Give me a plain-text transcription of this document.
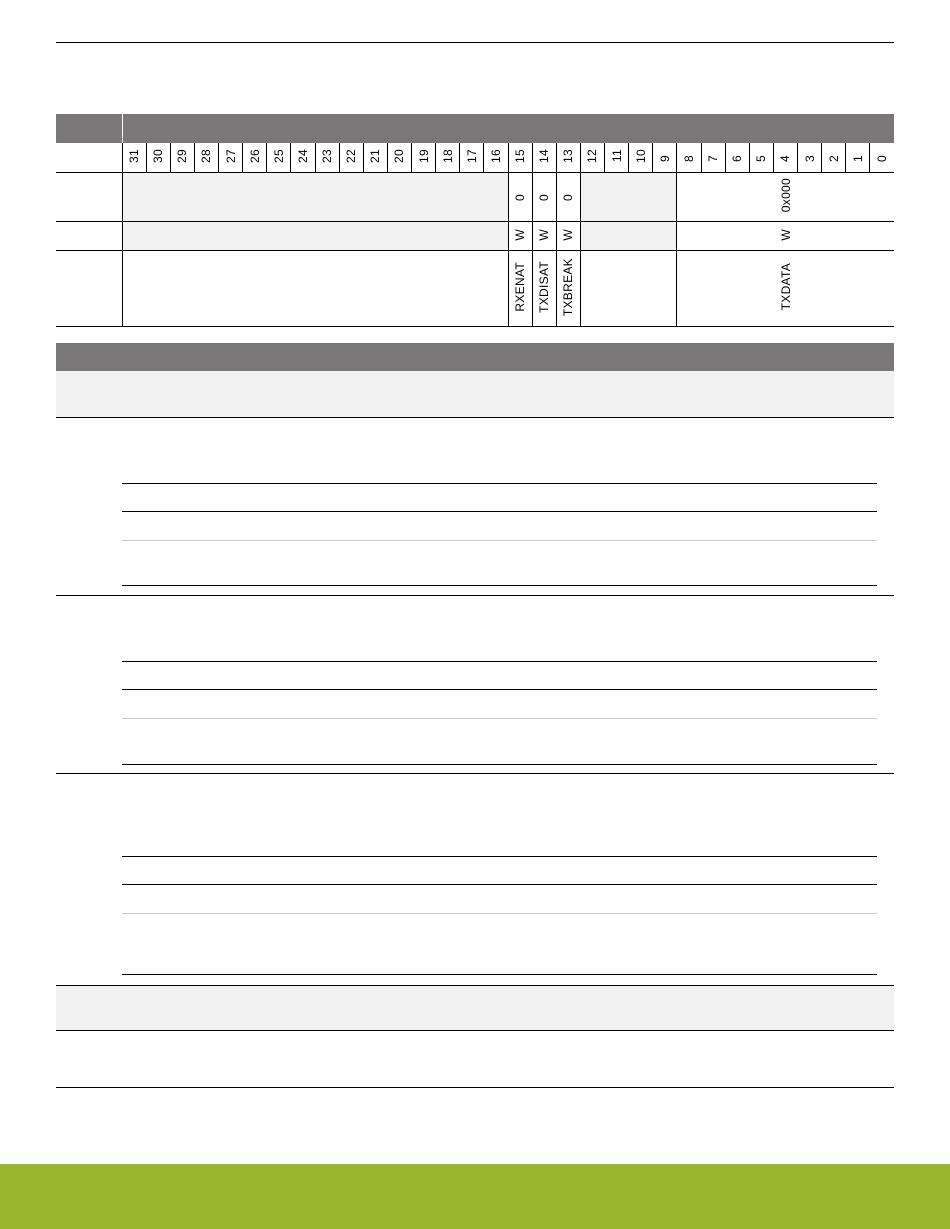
	31	30	29	28	27	26	25	24	23	22	21	20	19	18	17	16	15	14	13	12	11	10	9	8	7	6	5	4	3	2	1	0
																	0	0	0					0x000								
																	W	W	W					W								
																	RXENAT	TXDISAT	TXBREAK					TXDATA								
